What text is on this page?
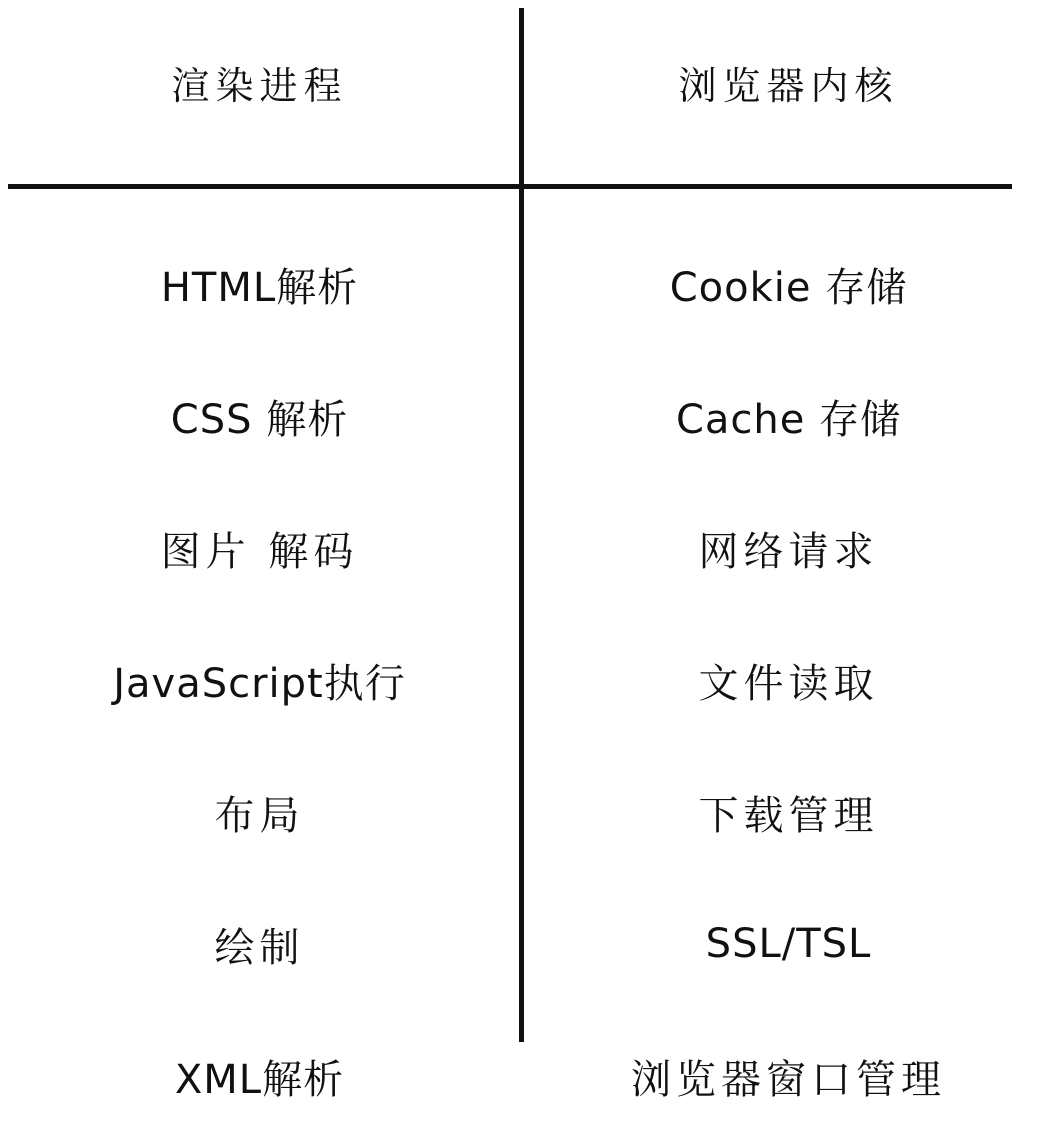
渲染进程	浏览器内核
HTML解析
CSS 解析
图片 解码
JavaScript执行
布局
绘制
XML解析
Cookie 存储
Cache 存储
网络请求
文件读取
下载管理
SSL/TSL
浏览器窗口管理
